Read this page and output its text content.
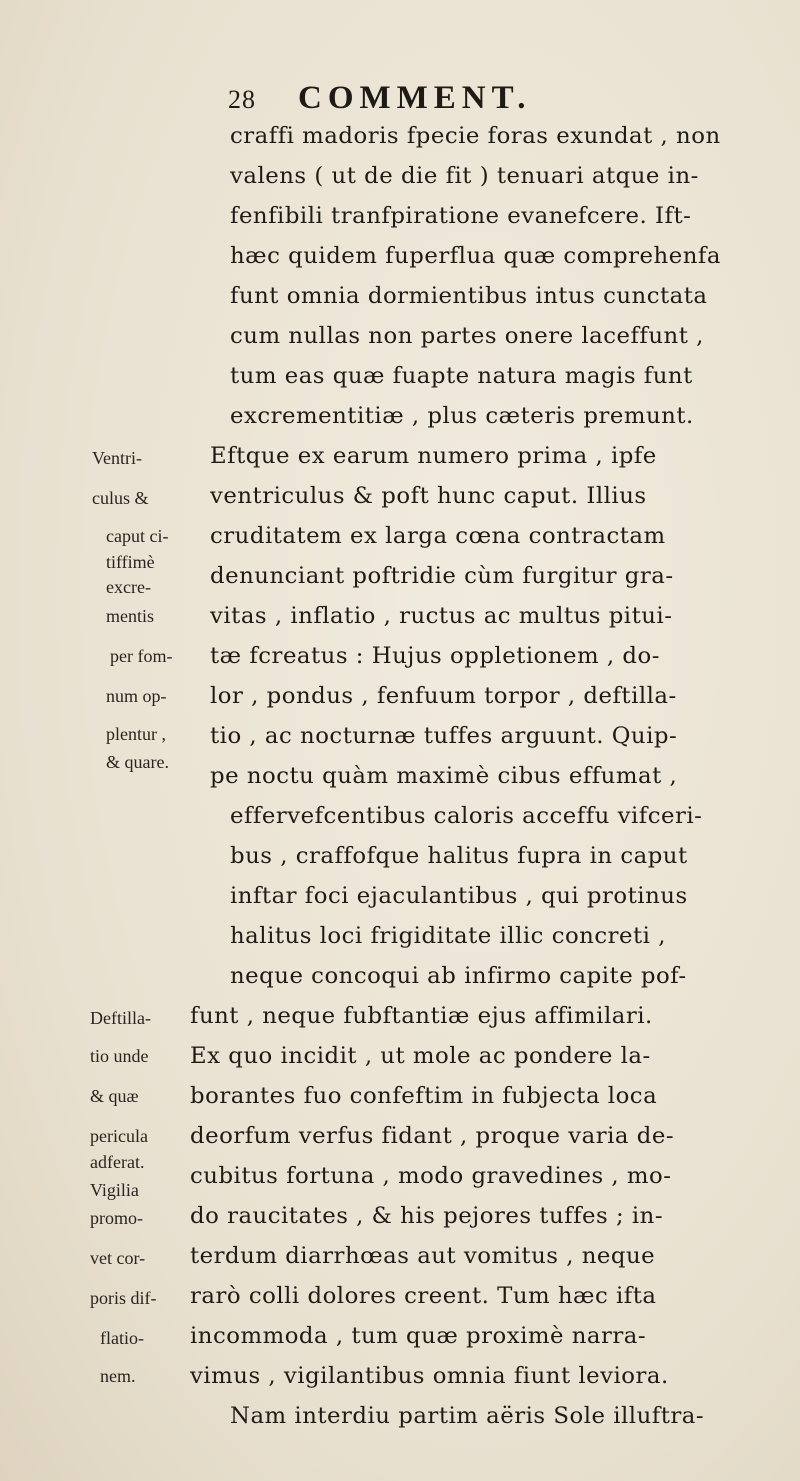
28 COMMENT.
craffi madoris fpecie foras exundat , non
valens ( ut de die fit ) tenuari atque in-
fenfibili tranfpiratione evanefcere. Ift-
hæc quidem fuperflua quæ comprehenfa
funt omnia dormientibus intus cunctata
cum nullas non partes onere laceffunt ,
tum eas quæ fuapte natura magis funt
excrementitiæ , plus cæteris premunt.
Eftque ex earum numero prima , ipfe
ventriculus & poft hunc caput. Illius
cruditatem ex larga cœna contractam
denunciant poftridie cùm furgitur gra-
vitas , inflatio , ructus ac multus pitui-
tæ fcreatus : Hujus oppletionem , do-
lor , pondus , fenfuum torpor , deftilla-
tio , ac nocturnæ tuffes arguunt. Quip-
pe noctu quàm maximè cibus effumat ,
effervefcentibus caloris acceffu vifceri-
bus , craffofque halitus fupra in caput
inftar foci ejaculantibus , qui protinus
halitus loci frigiditate illic concreti ,
neque concoqui ab infirmo capite pof-
funt , neque fubftantiæ ejus affimilari.
Ex quo incidit , ut mole ac pondere la-
borantes fuo confeftim in fubjecta loca
deorfum verfus fidant , proque varia de-
cubitus fortuna , modo gravedines , mo-
do raucitates , & his pejores tuffes ; in-
terdum diarrhœas aut vomitus , neque
rarò colli dolores creent. Tum hæc ifta
incommoda , tum quæ proximè narra-
vimus , vigilantibus omnia fiunt leviora.
Nam interdiu partim aëris Sole illuftra-
Ventri-
culus &
caput ci-
tiffimè
excre-
mentis
per fom-
num op-
plentur ,
& quare.
Deftilla-
tio unde
& quæ
pericula
adferat.
Vigilia
promo-
vet cor-
poris dif-
flatio-
nem.
